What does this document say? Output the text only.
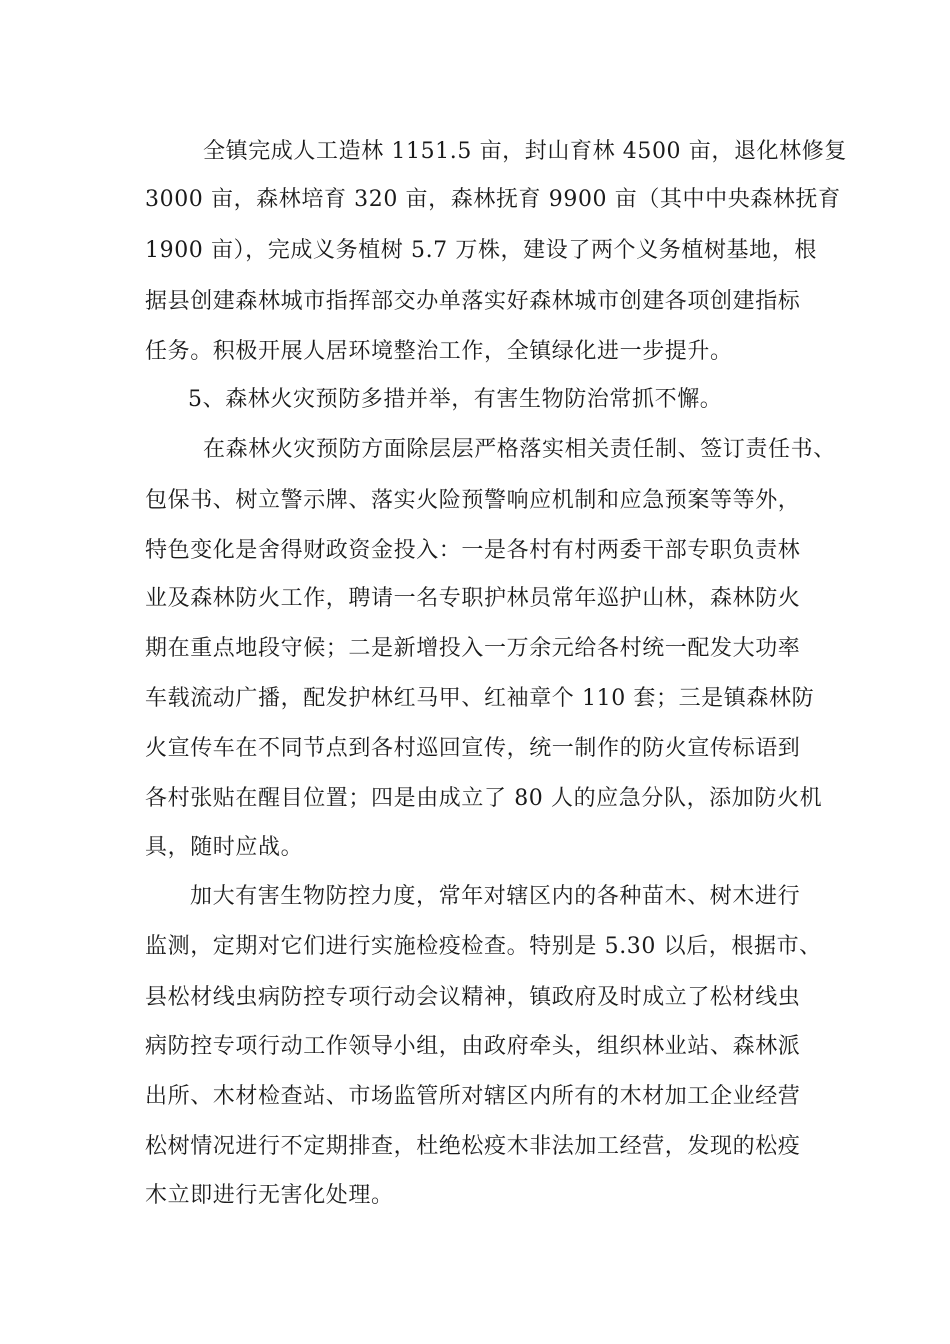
全镇完成人工造林 1151.5 亩，封山育林 4500 亩，退化林修复
3000 亩，森林培育 320 亩，森林抚育 9900 亩（其中中央森林抚育
1900 亩），完成义务植树 5.7 万株，建设了两个义务植树基地，根
据县创建森林城市指挥部交办单落实好森林城市创建各项创建指标
任务。积极开展人居环境整治工作，全镇绿化进一步提升。
5、森林火灾预防多措并举，有害生物防治常抓不懈。
在森林火灾预防方面除层层严格落实相关责任制、签订责任书、
包保书、树立警示牌、落实火险预警响应机制和应急预案等等外，
特色变化是舍得财政资金投入：一是各村有村两委干部专职负责林
业及森林防火工作，聘请一名专职护林员常年巡护山林，森林防火
期在重点地段守候；二是新增投入一万余元给各村统一配发大功率
车载流动广播，配发护林红马甲、红袖章个 110 套；三是镇森林防
火宣传车在不同节点到各村巡回宣传，统一制作的防火宣传标语到
各村张贴在醒目位置；四是由成立了 80 人的应急分队，添加防火机
具，随时应战。
加大有害生物防控力度，常年对辖区内的各种苗木、树木进行
监测，定期对它们进行实施检疫检查。特别是 5.30 以后，根据市、
县松材线虫病防控专项行动会议精神，镇政府及时成立了松材线虫
病防控专项行动工作领导小组，由政府牵头，组织林业站、森林派
出所、木材检查站、市场监管所对辖区内所有的木材加工企业经营
松树情况进行不定期排查，杜绝松疫木非法加工经营，发现的松疫
木立即进行无害化处理。
